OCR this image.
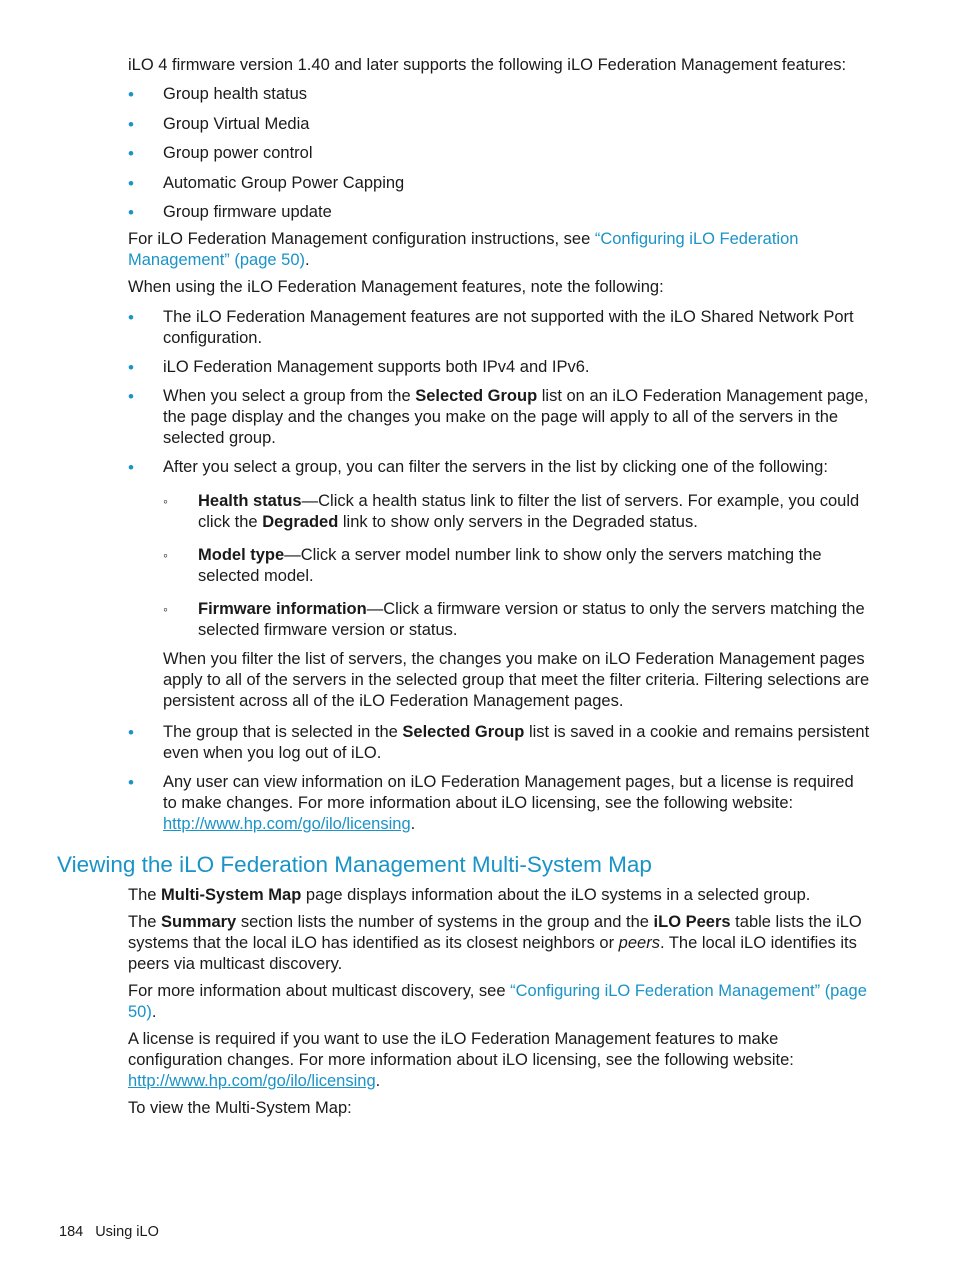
iLO 4 firmware version 1.40 and later supports the following iLO Federation Management features:

• Group health status
• Group Virtual Media
• Group power control
• Automatic Group Power Capping
• Group firmware update

For iLO Federation Management configuration instructions, see “Configuring iLO Federation Management” (page 50).

When using the iLO Federation Management features, note the following:

• The iLO Federation Management features are not supported with the iLO Shared Network Port configuration.
• iLO Federation Management supports both IPv4 and IPv6.
• When you select a group from the Selected Group list on an iLO Federation Management page, the page display and the changes you make on the page will apply to all of the servers in the selected group.
• After you select a group, you can filter the servers in the list by clicking one of the following:
◦ Health status—Click a health status link to filter the list of servers. For example, you could click the Degraded link to show only servers in the Degraded status.
◦ Model type—Click a server model number link to show only the servers matching the selected model.
◦ Firmware information—Click a firmware version or status to only the servers matching the selected firmware version or status.

When you filter the list of servers, the changes you make on iLO Federation Management pages apply to all of the servers in the selected group that meet the filter criteria. Filtering selections are persistent across all of the iLO Federation Management pages.

• The group that is selected in the Selected Group list is saved in a cookie and remains persistent even when you log out of iLO.
• Any user can view information on iLO Federation Management pages, but a license is required to make changes. For more information about iLO licensing, see the following website: http://www.hp.com/go/ilo/licensing.
Viewing the iLO Federation Management Multi-System Map

The Multi-System Map page displays information about the iLO systems in a selected group.

The Summary section lists the number of systems in the group and the iLO Peers table lists the iLO systems that the local iLO has identified as its closest neighbors or peers. The local iLO identifies its peers via multicast discovery.

For more information about multicast discovery, see “Configuring iLO Federation Management” (page 50).

A license is required if you want to use the iLO Federation Management features to make configuration changes. For more information about iLO licensing, see the following website: http://www.hp.com/go/ilo/licensing.

To view the Multi-System Map:

184 Using iLO
